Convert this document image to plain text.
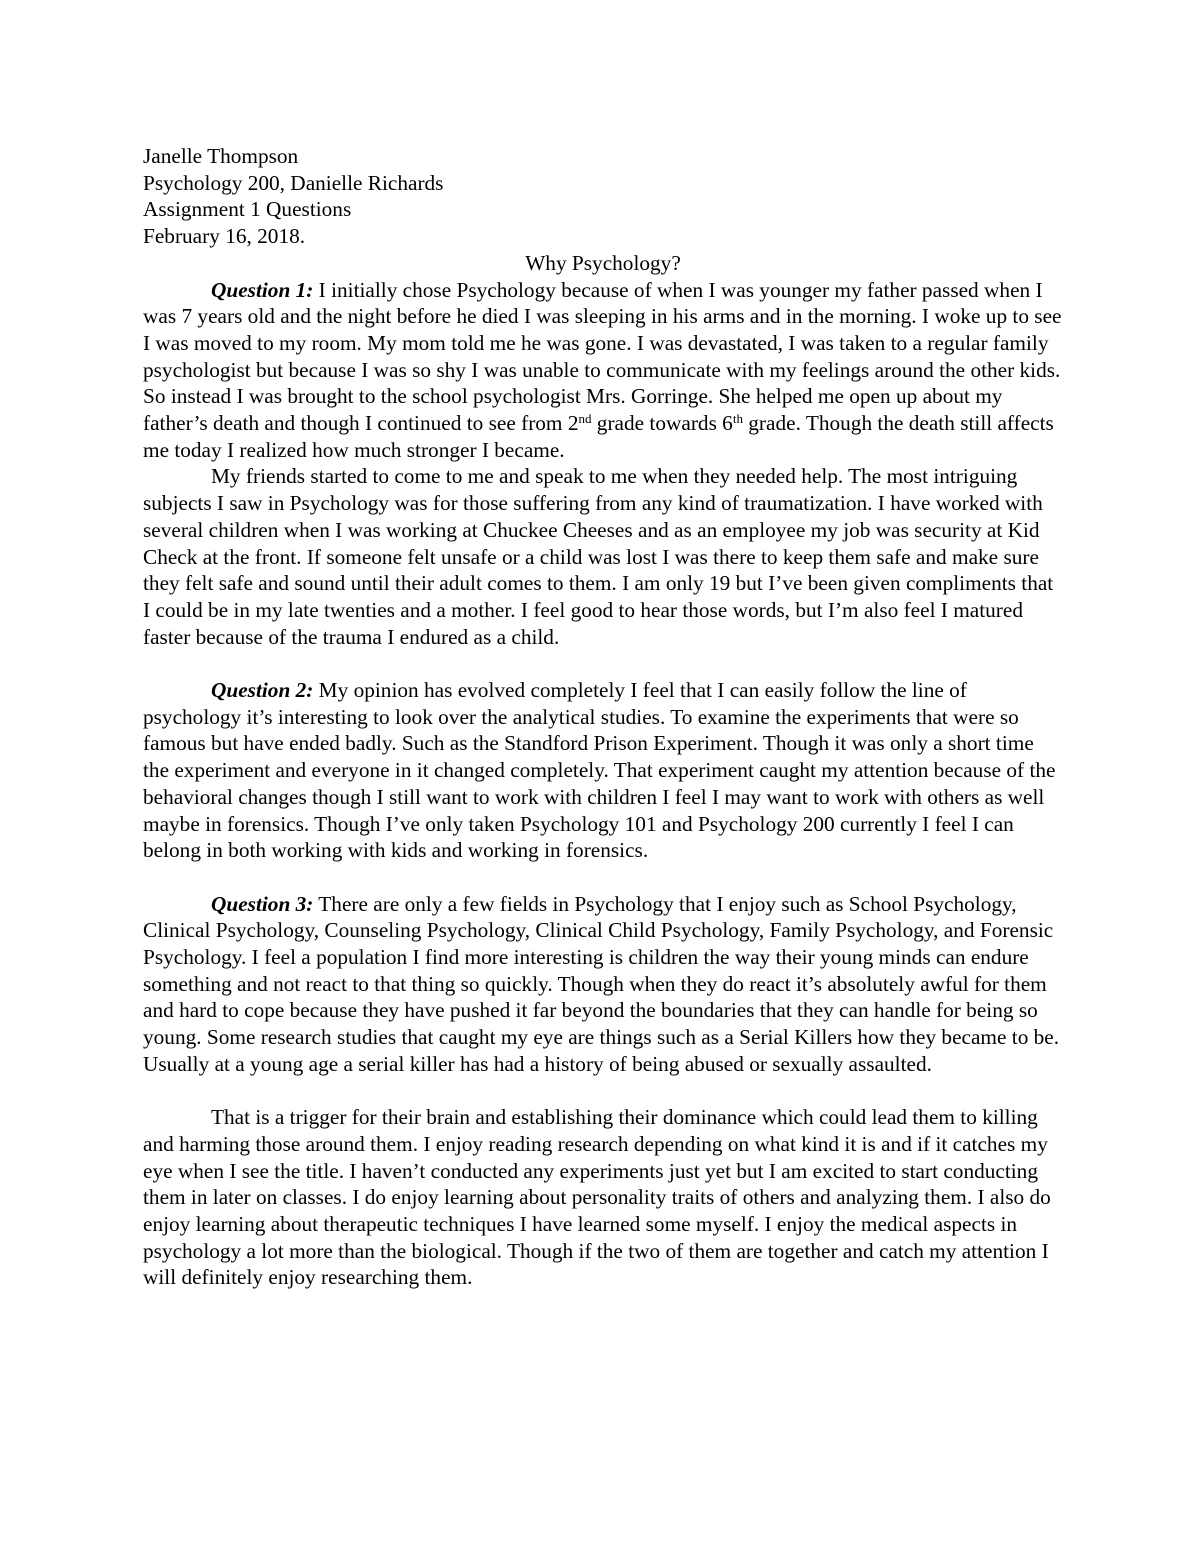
Janelle Thompson

Psychology 200, Danielle Richards

Assignment 1 Questions

February 16, 2018.

Why Psychology?

Question 1: I initially chose Psychology because of when I was younger my father passed when I was 7 years old and the night before he died I was sleeping in his arms and in the morning. I woke up to see I was moved to my room. My mom told me he was gone. I was devastated, I was taken to a regular family psychologist but because I was so shy I was unable to communicate with my feelings around the other kids. So instead I was brought to the school psychologist Mrs. Gorringe. She helped me open up about my father’s death and though I continued to see from 2nd grade towards 6th grade. Though the death still affects me today I realized how much stronger I became.

My friends started to come to me and speak to me when they needed help. The most intriguing subjects I saw in Psychology was for those suffering from any kind of traumatization. I have worked with several children when I was working at Chuckee Cheeses and as an employee my job was security at Kid Check at the front. If someone felt unsafe or a child was lost I was there to keep them safe and make sure they felt safe and sound until their adult comes to them. I am only 19 but I’ve been given compliments that I could be in my late twenties and a mother. I feel good to hear those words, but I’m also feel I matured faster because of the trauma I endured as a child.

Question 2: My opinion has evolved completely I feel that I can easily follow the line of psychology it’s interesting to look over the analytical studies. To examine the experiments that were so famous but have ended badly. Such as the Standford Prison Experiment. Though it was only a short time the experiment and everyone in it changed completely. That experiment caught my attention because of the behavioral changes though I still want to work with children I feel I may want to work with others as well maybe in forensics. Though I’ve only taken Psychology 101 and Psychology 200 currently I feel I can belong in both working with kids and working in forensics.

Question 3: There are only a few fields in Psychology that I enjoy such as School Psychology, Clinical Psychology, Counseling Psychology, Clinical Child Psychology, Family Psychology, and Forensic Psychology. I feel a population I find more interesting is children the way their young minds can endure something and not react to that thing so quickly. Though when they do react it’s absolutely awful for them and hard to cope because they have pushed it far beyond the boundaries that they can handle for being so young. Some research studies that caught my eye are things such as a Serial Killers how they became to be. Usually at a young age a serial killer has had a history of being abused or sexually assaulted.

That is a trigger for their brain and establishing their dominance which could lead them to killing and harming those around them. I enjoy reading research depending on what kind it is and if it catches my eye when I see the title. I haven’t conducted any experiments just yet but I am excited to start conducting them in later on classes. I do enjoy learning about personality traits of others and analyzing them. I also do enjoy learning about therapeutic techniques I have learned some myself. I enjoy the medical aspects in psychology a lot more than the biological. Though if the two of them are together and catch my attention I will definitely enjoy researching them.
